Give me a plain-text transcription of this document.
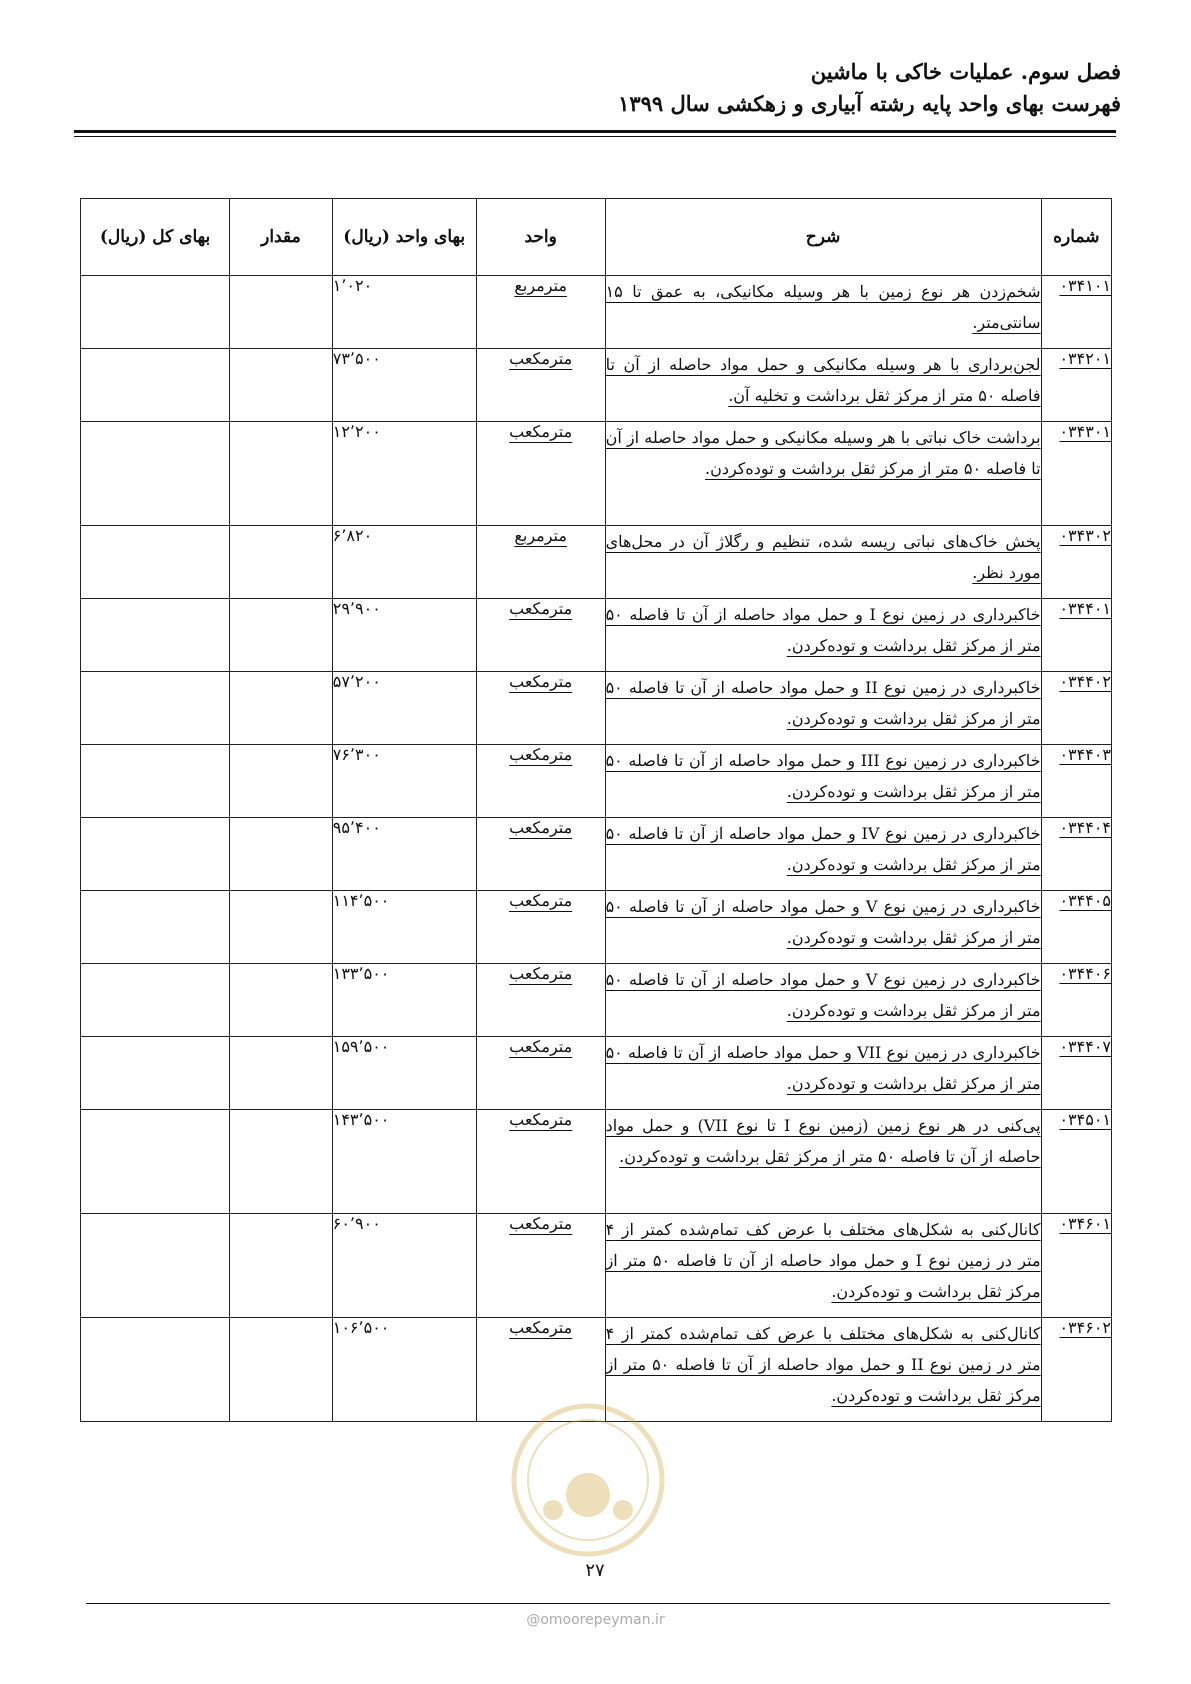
فصل سوم. عملیات خاکی با ماشین
فهرست بهای واحد پایه رشته آبیاری و زهکشی سال ۱۳۹۹
شماره	شرح	واحد	بهای واحد (ریال)	مقدار	بهای کل (ریال)
۰۳۴۱۰۱	شخم‌زدن هر نوع زمین با هر وسیله مکانیکی، به عمق تا ۱۵ سانتی‌متر.	مترمربع	۱٬۰۲۰		
۰۳۴۲۰۱	لجن‌برداری با هر وسیله مکانیکی و حمل مواد حاصله از آن تا فاصله ۵۰ متر از مرکز ثقل برداشت و تخلیه آن.	مترمکعب	۷۳٬۵۰۰		
۰۳۴۳۰۱	برداشت خاک نباتی با هر وسیله مکانیکی و حمل مواد حاصله از آن تا فاصله ۵۰ متر از مرکز ثقل برداشت و توده‌کردن.	مترمکعب	۱۲٬۲۰۰		
۰۳۴۳۰۲	پخش خاک‌های نباتی ریسه شده، تنظیم و رگلاژ آن در محل‌های مورد نظر.	مترمربع	۶٬۸۲۰		
۰۳۴۴۰۱	خاکبرداری در زمین نوع I و حمل مواد حاصله از آن تا فاصله ۵۰ متر از مرکز ثقل برداشت و توده‌کردن.	مترمکعب	۲۹٬۹۰۰		
۰۳۴۴۰۲	خاکبرداری در زمین نوع II و حمل مواد حاصله از آن تا فاصله ۵۰ متر از مرکز ثقل برداشت و توده‌کردن.	مترمکعب	۵۷٬۲۰۰		
۰۳۴۴۰۳	خاکبرداری در زمین نوع III و حمل مواد حاصله از آن تا فاصله ۵۰ متر از مرکز ثقل برداشت و توده‌کردن.	مترمکعب	۷۶٬۳۰۰		
۰۳۴۴۰۴	خاکبرداری در زمین نوع IV و حمل مواد حاصله از آن تا فاصله ۵۰ متر از مرکز ثقل برداشت و توده‌کردن.	مترمکعب	۹۵٬۴۰۰		
۰۳۴۴۰۵	خاکبرداری در زمین نوع V و حمل مواد حاصله از آن تا فاصله ۵۰ متر از مرکز ثقل برداشت و توده‌کردن.	مترمکعب	۱۱۴٬۵۰۰		
۰۳۴۴۰۶	خاکبرداری در زمین نوع V و حمل مواد حاصله از آن تا فاصله ۵۰ متر از مرکز ثقل برداشت و توده‌کردن.	مترمکعب	۱۳۳٬۵۰۰		
۰۳۴۴۰۷	خاکبرداری در زمین نوع VII و حمل مواد حاصله از آن تا فاصله ۵۰ متر از مرکز ثقل برداشت و توده‌کردن.	مترمکعب	۱۵۹٬۵۰۰		
۰۳۴۵۰۱	پی‌کنی در هر نوع زمین (زمین نوع I تا نوع VII) و حمل مواد حاصله از آن تا فاصله ۵۰ متر از مرکز ثقل برداشت و توده‌کردن.	مترمکعب	۱۴۳٬۵۰۰		
۰۳۴۶۰۱	کانال‌کنی به شکل‌های مختلف با عرض کف تمام‌شده کمتر از ۴ متر در زمین نوع I و حمل مواد حاصله از آن تا فاصله ۵۰ متر از مرکز ثقل برداشت و توده‌کردن.	مترمکعب	۶۰٬۹۰۰		
۰۳۴۶۰۲	کانال‌کنی به شکل‌های مختلف با عرض کف تمام‌شده کمتر از ۴ متر در زمین نوع II و حمل مواد حاصله از آن تا فاصله ۵۰ متر از مرکز ثقل برداشت و توده‌کردن.	مترمکعب	۱۰۶٬۵۰۰		
۲۷
@omoorepeyman.ir
